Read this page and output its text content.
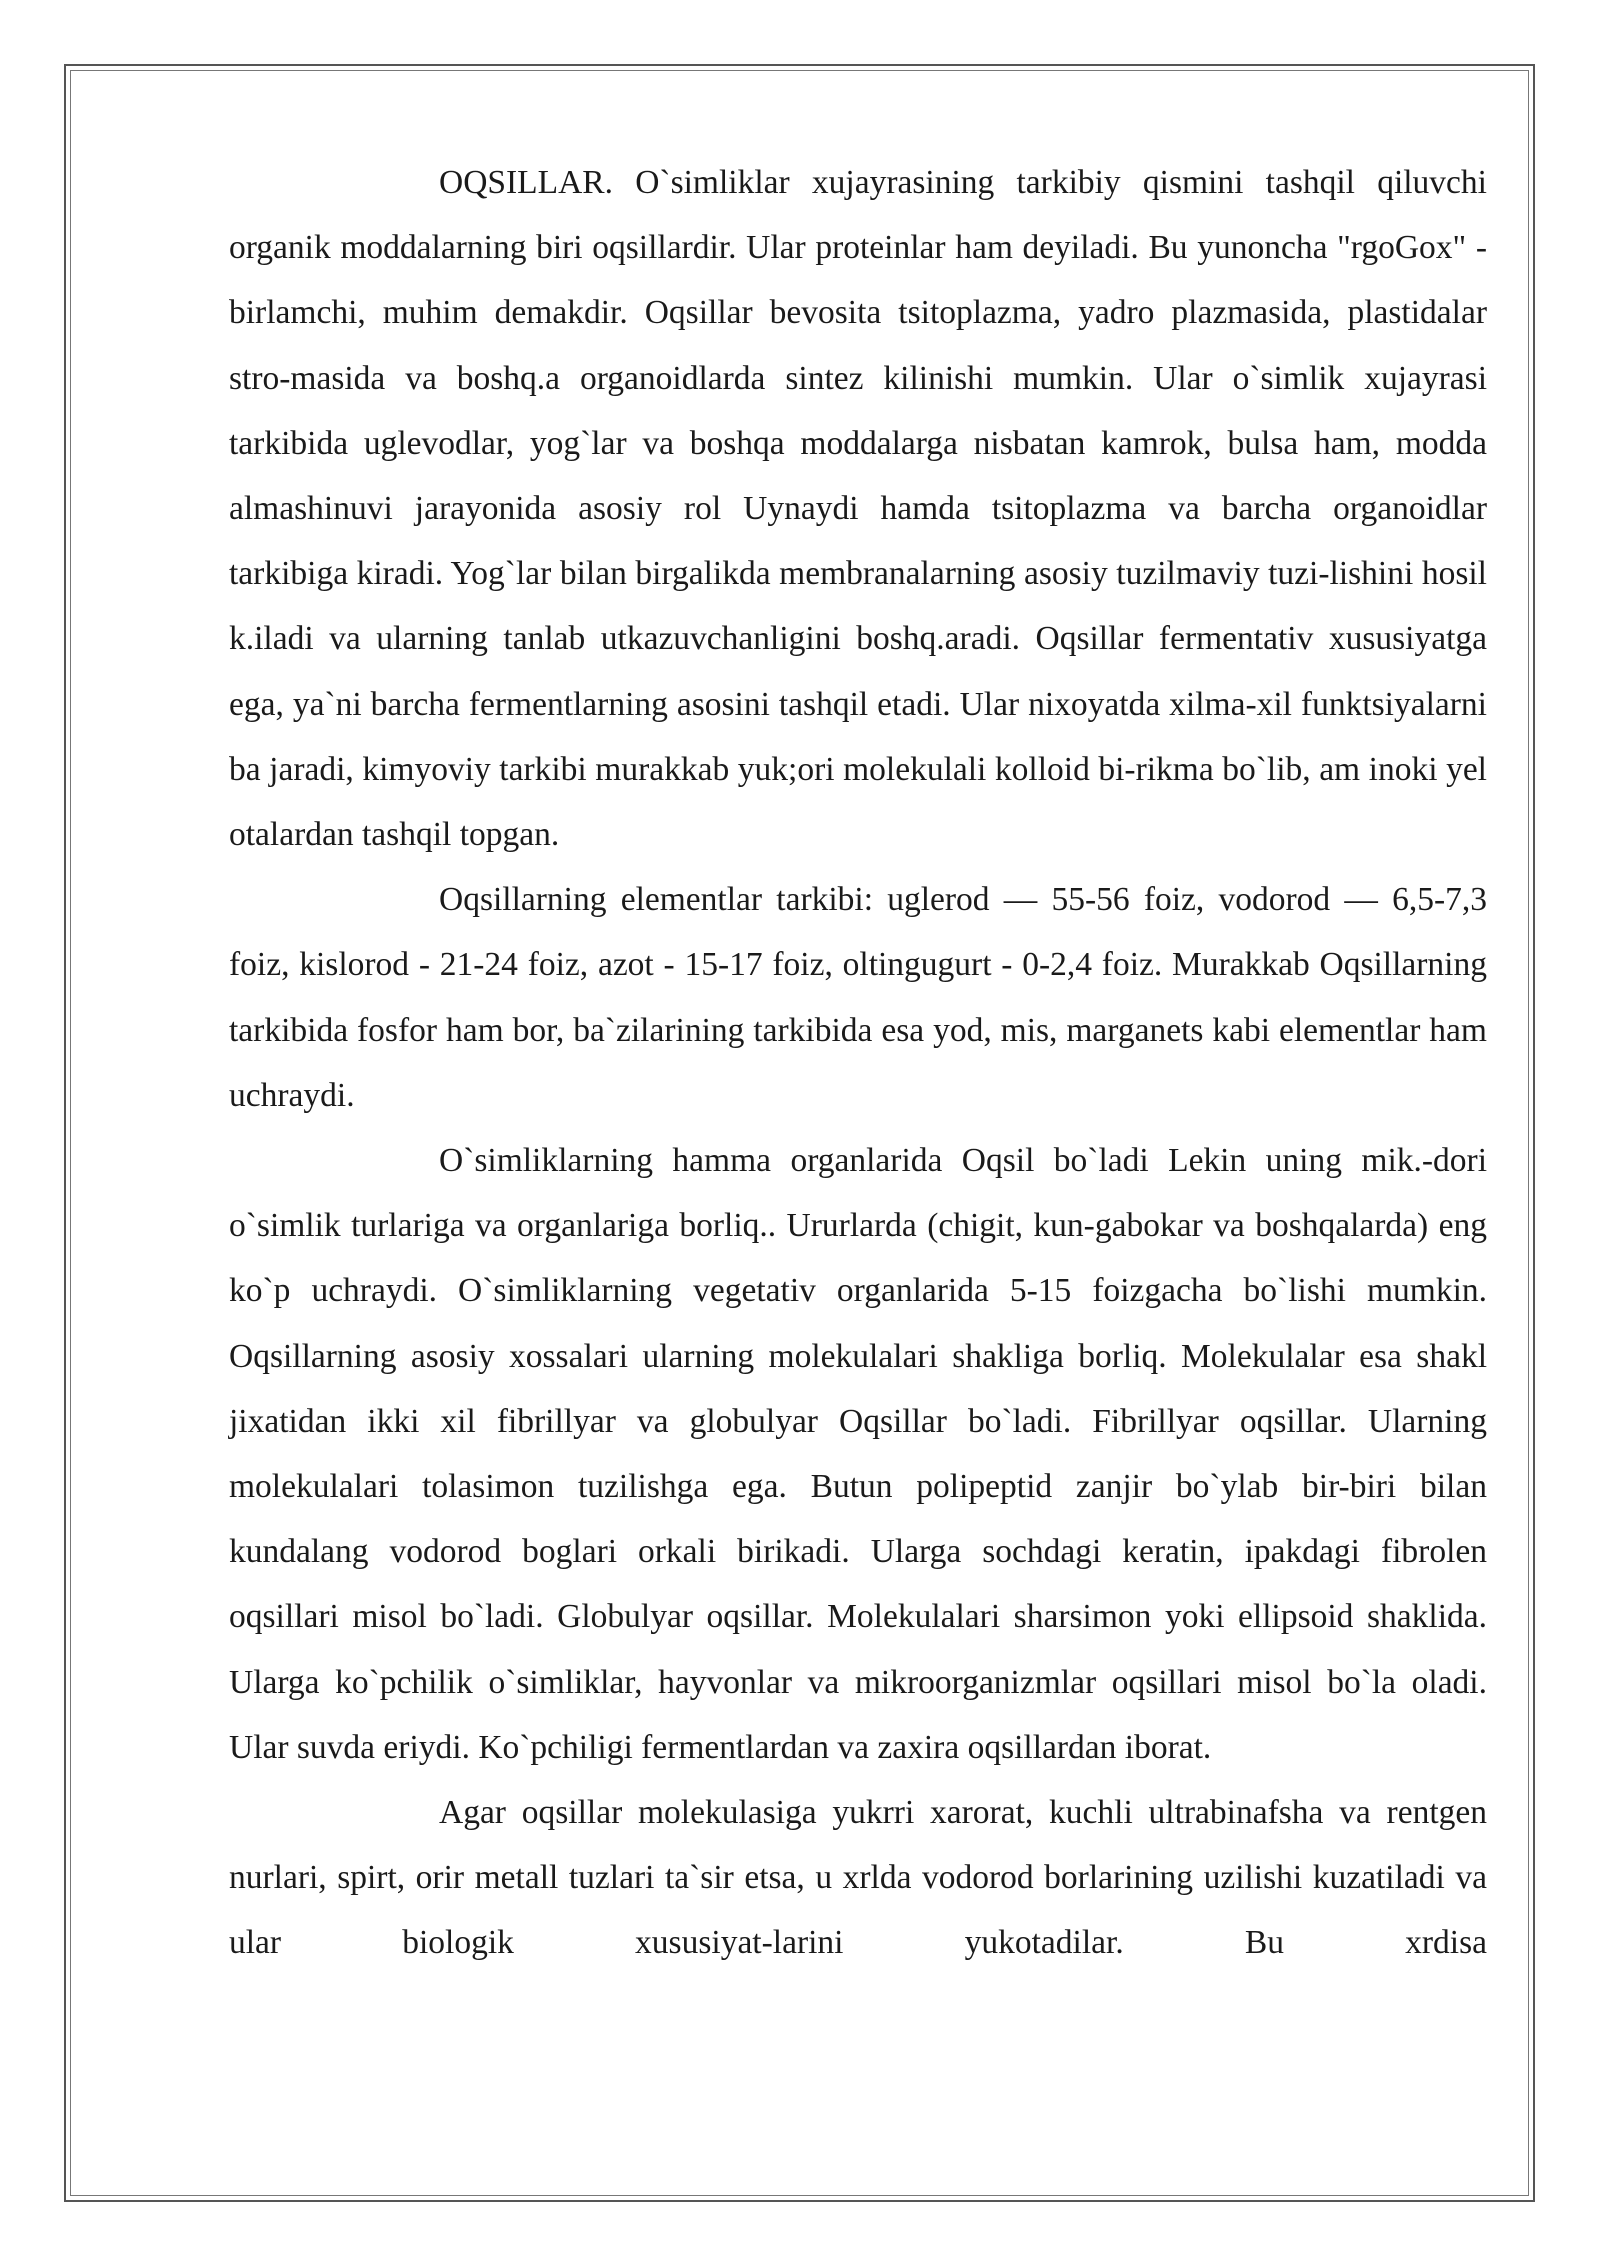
OQSILLAR. O`simliklar xujayrasining tarkibiy qismini tashqil qiluvchi organik moddalarning biri oqsillardir. Ular proteinlar ham deyiladi. Bu yunoncha "rgoGox" - birlamchi, muhim demakdir. Oqsillar bevosita tsitoplazma, yadro plazmasida, plastidalar stro-masida va boshq.a organoidlarda sintez kilinishi mumkin. Ular o`simlik xujayrasi tarkibida uglevodlar, yog`lar va boshqa moddalarga nisbatan kamrok, bulsa ham, modda almashinuvi jarayonida asosiy rol Uynaydi hamda tsitoplazma va barcha organoidlar tarkibiga kiradi. Yog`lar bilan birgalikda membranalarning asosiy tuzilmaviy tuzi-lishini hosil k.iladi va ularning tanlab utkazuvchanligini boshq.aradi. Oqsillar fermentativ xususiyatga ega, ya`ni barcha fermentlarning asosini tashqil etadi. Ular nixoyatda xilma-xil funktsiyalarni ba jaradi, kimyoviy tarkibi murakkab yuk;ori molekulali kolloid bi-rikma bo`lib, am inoki yel otalardan tashqil topgan.

Oqsillarning elementlar tarkibi: uglerod — 55-56 foiz, vodorod — 6,5-7,3 foiz, kislorod - 21-24 foiz, azot - 15-17 foiz, oltingugurt - 0-2,4 foiz. Murakkab Oqsillarning tarkibida fosfor ham bor, ba`zilarining tarkibida esa yod, mis, marganets kabi elementlar ham uchraydi.

O`simliklarning hamma organlarida Oqsil bo`ladi Lekin uning mik.-dori o`simlik turlariga va organlariga borliq.. Ururlarda (chigit, kun-gabokar va boshqalarda) eng ko`p uchraydi. O`simliklarning vegetativ organlarida 5-15 foizgacha bo`lishi mumkin. Oqsillarning asosiy xossalari ularning molekulalari shakliga borliq. Molekulalar esa shakl jixatidan ikki xil fibrillyar va globulyar Oqsillar bo`ladi. Fibrillyar oqsillar. Ularning molekulalari tolasimon tuzilishga ega. Butun polipeptid zanjir bo`ylab bir-biri bilan kundalang vodorod boglari orkali birikadi. Ularga sochdagi keratin, ipakdagi fibrolen oqsillari misol bo`ladi. Globulyar oqsillar. Molekulalari sharsimon yoki ellipsoid shaklida. Ularga ko`pchilik o`simliklar, hayvonlar va mikroorganizmlar oqsillari misol bo`la oladi. Ular suvda eriydi. Ko`pchiligi fermentlardan va zaxira oqsillardan iborat.

Agar oqsillar molekulasiga yukrri xarorat, kuchli ultrabinafsha va rentgen nurlari, spirt, orir metall tuzlari ta`sir etsa, u xrlda vodorod borlarining uzilishi kuzatiladi va ular biologik xususiyat-larini yukotadilar. Bu xrdisa
